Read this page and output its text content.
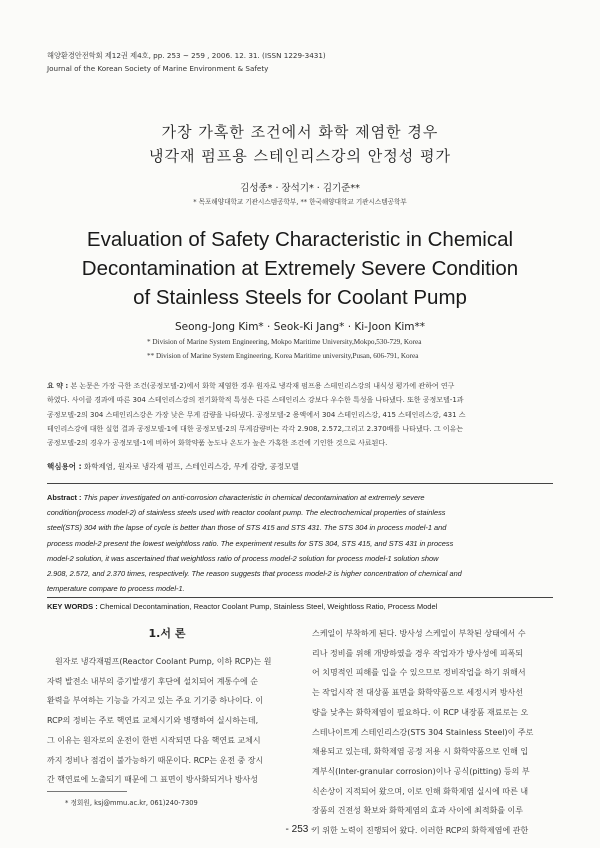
해양환경안전학회 제12권 제4호, pp. 253 ~ 259 , 2006. 12. 31. (ISSN 1229-3431)
Journal of the Korean Society of Marine Environment & Safety
가장 가혹한 조건에서 화학 제염한 경우
냉각재 펌프용 스테인리스강의 안정성 평가
김성종* · 장석기* · 김기준**
* 목포해양대학교 기관시스템공학부, ** 한국해양대학교 기관시스템공학부
Evaluation of Safety Characteristic in Chemical
Decontamination at Extremely Severe Condition
of Stainless Steels for Coolant Pump
Seong-Jong Kim* · Seok-Ki Jang* · Ki-Joon Kim**
* Division of Marine System Engineering, Mokpo Maritime University,Mokpo,530-729, Korea
** Division of Marine System Engineering, Korea Maritime university,Pusan, 606-791, Korea
요 약 : 본 논문은 가장 극한 조건(공정모델-2)에서 화학 제염한 경우 원자로 냉각재 펌프용 스테인리스강의 내식성 평가에 관하여 연구
하였다. 사이클 경과에 따른 304 스테인리스강의 전기화학적 특성은 다른 스테인리스 강보다 우수한 특성을 나타냈다. 또한 공정모델-1과
공정모델-2의 304 스테인리스강은 가장 낮은 무게 감량을 나타냈다. 공정모델-2 용액에서 304 스테인리스강, 415 스테인리스강, 431 스
테인리스강에 대한 실험 결과 공정모델-1에 대한 공정모델-2의 무게감량비는 각각 2.908, 2.572,그리고 2.370배를 나타냈다. 그 이유는
공정모델-2의 경우가 공정모델-1에 비하여 화학약품 농도나 온도가 높은 가혹한 조건에 기인한 것으로 사료된다.
핵심용어 : 화학제염, 원자로 냉각재 펌프, 스테인리스강, 무게 감량, 공정모델
Abstract : This paper investigated on anti-corrosion characteristic in chemical decontamination at extremely severe
condition(process model-2) of stainless steels used with reactor coolant pump. The electrochemical properties of stainless
steel(STS) 304 with the lapse of cycle is better than those of STS 415 and STS 431. The STS 304 in process model-1 and
process model-2 present the lowest weightloss ratio. The experiment results for STS 304, STS 415, and STS 431 in process
model-2 solution, it was ascertained that weightloss ratio of process model-2 solution for process model-1 solution show
2.908, 2.572, and 2.370 times, respectively. The reason suggests that process model-2 is higher concentration of chemical and
temperature compare to process model-1.
KEY WORDS : Chemical Decontamination, Reactor Coolant Pump, Stainless Steel, Weightloss Ratio, Process Model
1.서 론
원자로 냉각재펌프(Reactor Coolant Pump, 이하 RCP)는 원
자력 발전소 내부의 증기발생기 후단에 설치되어 계통수에 순
환력을 부여하는 기능을 가지고 있는 주요 기기중 하나이다. 이
RCP의 정비는 주로 핵연료 교체시기와 병행하여 실시하는데,
그 이유는 원자로의 운전이 한번 시작되면 다음 핵연료 교체시
까지 정비나 점검이 불가능하기 때문이다. RCP는 운전 중 장시
간 핵연료에 노출되기 때문에 그 표면이 방사화되거나 방사성
스케일이 부착하게 된다. 방사성 스케일이 부착된 상태에서 수
리나 정비를 위해 개방하였을 경우 작업자가 방사성에 피폭되
어 치명적인 피해를 입을 수 있으므로 정비작업을 하기 위해서
는 작업시작 전 대상품 표면을 화학약품으로 세정시켜 방사선
량을 낮추는 화학제염이 필요하다. 이 RCP 내장품 재료로는 오
스테나이트계 스테인리스강(STS 304 Stainless Steel)이 주로
채용되고 있는데, 화학제염 공정 저용 시 화학약품으로 인해 입
계부식(Inter-granular corrosion)이나 공식(pitting) 등의 부
식손상이 지적되어 왔으며, 이로 인해 화학제염 실시에 따른 내
장품의 건전성 확보와 화학제염의 효과 사이에 최적화를 이루
기 위한 노력이 진행되어 왔다. 이러한 RCP의 화학제염에 관한
* 정회원, ksj@mmu.ac.kr, 061)240-7309
- 253 -
